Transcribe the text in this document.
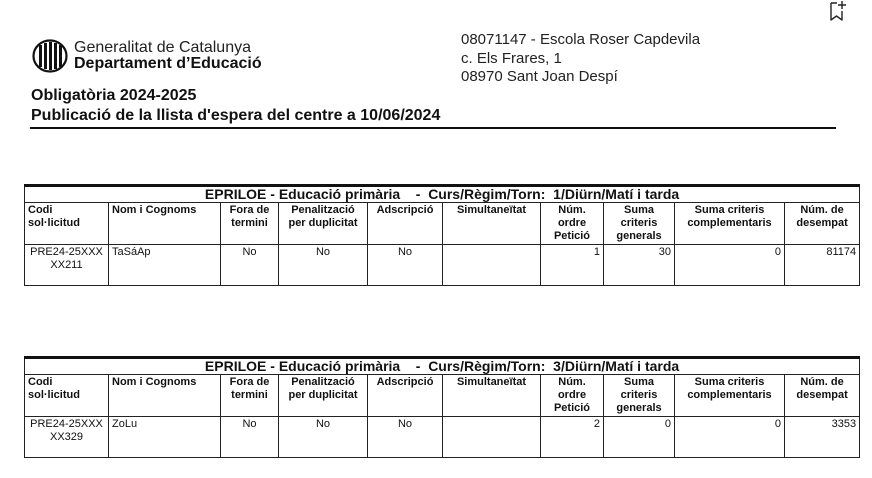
Generalitat de Catalunya
Departament d’Educació
08071147 - Escola Roser Capdevila
c. Els Frares, 1
08970 Sant Joan Despí
Obligatòria 2024-2025
Publicació de la llista d'espera del centre a 10/06/2024
EPRILOE - Educació primària    -  Curs/Règim/Torn:  1/Diürn/Matí i tarda									
Codi sol·licitud	Nom i Cognoms	Fora de termini	Penalització per duplicitat	Adscripció	Simultaneïtat	Núm. ordre Petició	Suma criteris generals	Suma criteris complementaris	Núm. de desempat
PRE24-25XXXXX211	TaSáAp	No	No	No		1	30	0	81174
EPRILOE - Educació primària    -  Curs/Règim/Torn:  3/Diürn/Matí i tarda									
Codi sol·licitud	Nom i Cognoms	Fora de termini	Penalització per duplicitat	Adscripció	Simultaneïtat	Núm. ordre Petició	Suma criteris generals	Suma criteris complementaris	Núm. de desempat
PRE24-25XXXXX329	ZoLu	No	No	No		2	0	0	3353
